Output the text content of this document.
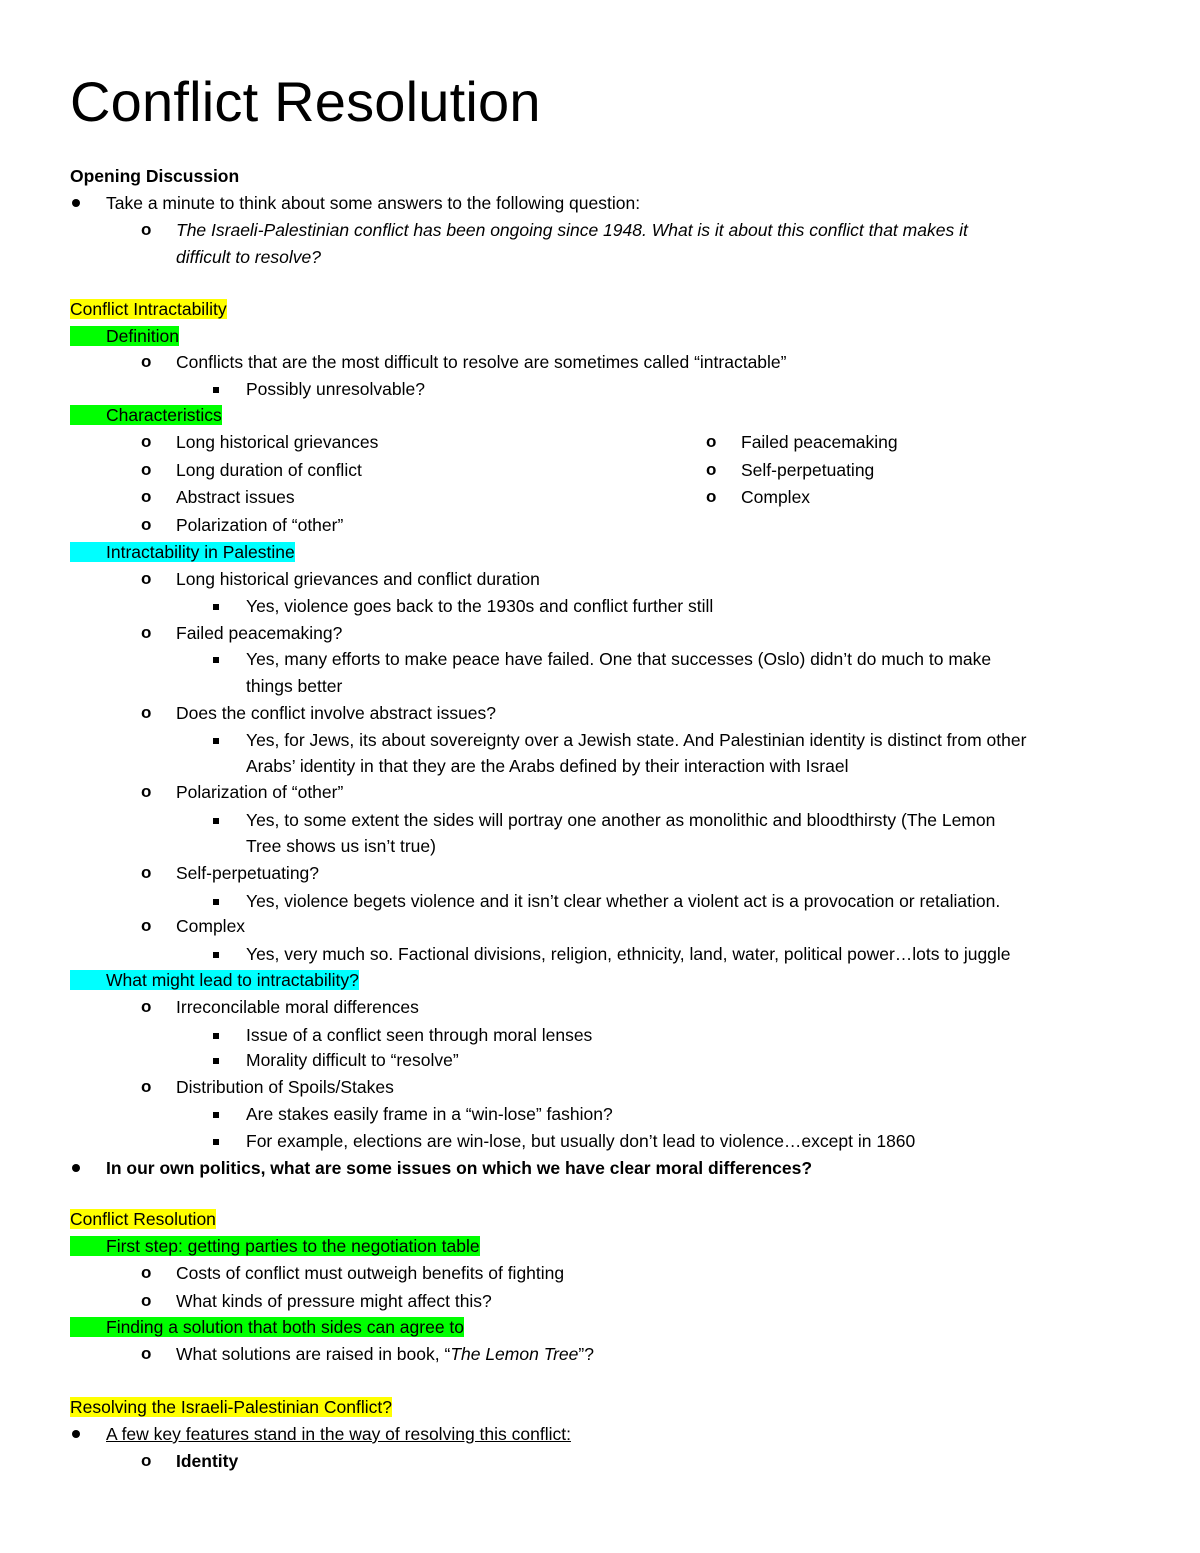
Conflict Resolution
Opening Discussion
Take a minute to think about some answers to the following question:
o	The Israeli-Palestinian conflict has been ongoing since 1948. What is it about this conflict that makes it
difficult to resolve?
Conflict Intractability
Definition
o	Conflicts that are the most difficult to resolve are sometimes called “intractable”
Possibly unresolvable?
Characteristics
o	Long historical grievances
o	Long duration of conflict
o	Abstract issues
o	Polarization of “other”
o	Failed peacemaking
o	Self-perpetuating
o	Complex
Intractability in Palestine
o	Long historical grievances and conflict duration
Yes, violence goes back to the 1930s and conflict further still
o	Failed peacemaking?
Yes, many efforts to make peace have failed. One that successes (Oslo) didn’t do much to make
things better
o	Does the conflict involve abstract issues?
Yes, for Jews, its about sovereignty over a Jewish state. And Palestinian identity is distinct from other
Arabs’ identity in that they are the Arabs defined by their interaction with Israel
o	Polarization of “other”
Yes, to some extent the sides will portray one another as monolithic and bloodthirsty (The Lemon
Tree shows us isn’t true)
o	Self-perpetuating?
Yes, violence begets violence and it isn’t clear whether a violent act is a provocation or retaliation.
o	Complex
Yes, very much so. Factional divisions, religion, ethnicity, land, water, political power…lots to juggle
What might lead to intractability?
o	Irreconcilable moral differences
Issue of a conflict seen through moral lenses
Morality difficult to “resolve”
o	Distribution of Spoils/Stakes
Are stakes easily frame in a “win-lose” fashion?
For example, elections are win-lose, but usually don’t lead to violence…except in 1860
In our own politics, what are some issues on which we have clear moral differences?
Conflict Resolution
First step: getting parties to the negotiation table
o	Costs of conflict must outweigh benefits of fighting
o	What kinds of pressure might affect this?
Finding a solution that both sides can agree to
o	What solutions are raised in book, “The Lemon Tree”?
Resolving the Israeli-Palestinian Conflict?
A few key features stand in the way of resolving this conflict:
o	Identity
